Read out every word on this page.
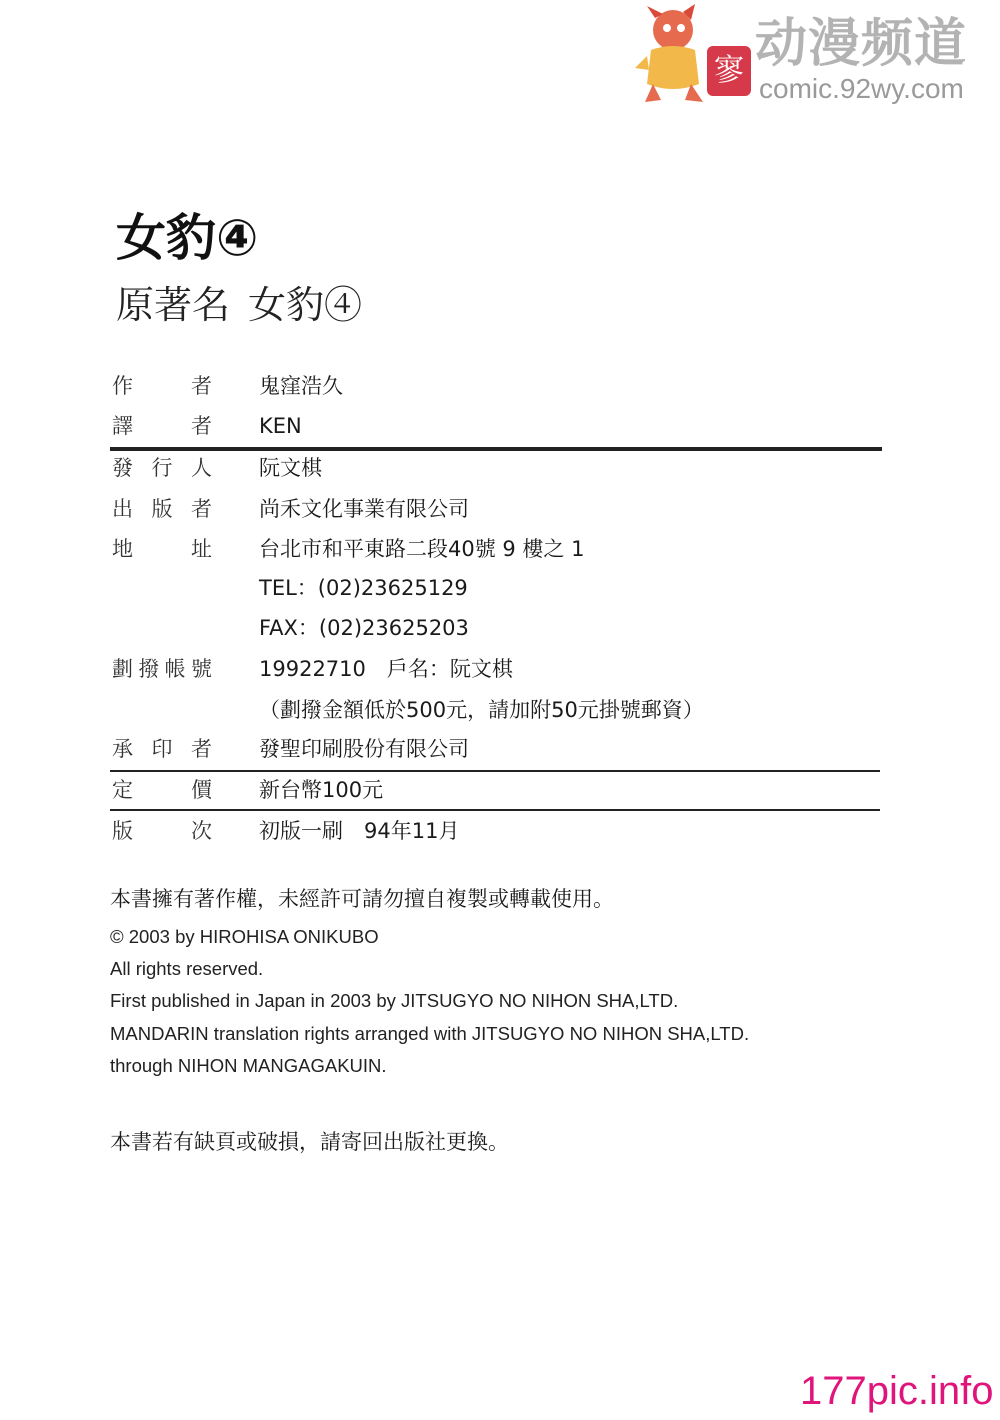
寥 动漫频道
comic.92wy.com
女豹④
原著名 女豹④
作者 鬼窪浩久
譯者 KEN
發行人 阮文棋
出版者 尚禾文化事業有限公司
地址 台北市和平東路二段40號 9 樓之 1
TEL：(02)23625129
FAX：(02)23625203
劃撥帳號 19922710　戶名：阮文棋
（劃撥金額低於500元，請加附50元掛號郵資）
承印者 發聖印刷股份有限公司
定價 新台幣100元
版次 初版一刷　94年11月
本書擁有著作權，未經許可請勿擅自複製或轉載使用。
© 2003 by HIROHISA ONIKUBO
All rights reserved.
First published in Japan in 2003 by JITSUGYO NO NIHON SHA,LTD.
MANDARIN translation rights arranged with JITSUGYO NO NIHON SHA,LTD.
through NIHON MANGAGAKUIN.
本書若有缺頁或破損，請寄回出版社更換。
177pic.info
